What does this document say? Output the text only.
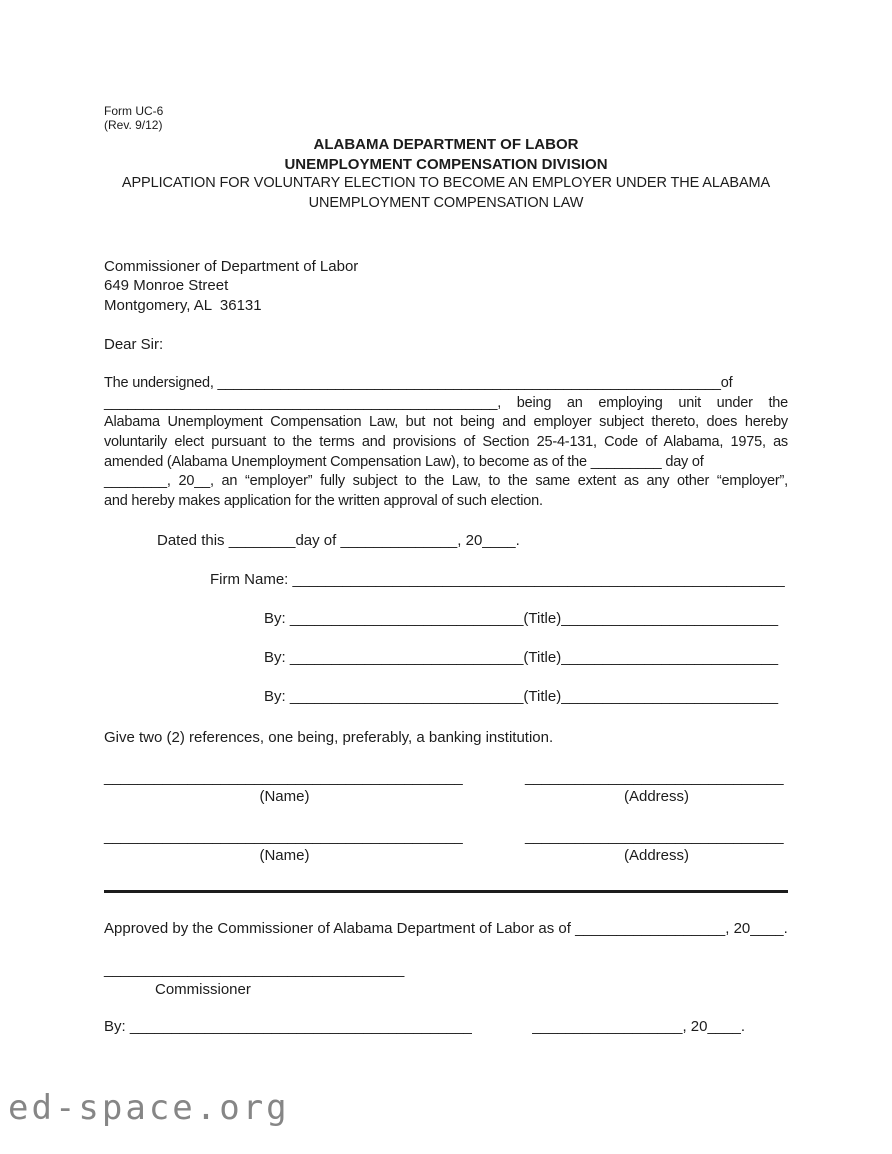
Form UC-6
(Rev. 9/12)
ALABAMA DEPARTMENT OF LABOR
UNEMPLOYMENT COMPENSATION DIVISION
APPLICATION FOR VOLUNTARY ELECTION TO BECOME AN EMPLOYER UNDER THE ALABAMA
UNEMPLOYMENT COMPENSATION LAW
Commissioner of Department of Labor
649 Monroe Street
Montgomery, AL  36131
Dear Sir:
The undersigned, ________________________________________________________________of
__________________________________________________, being an employing unit under the
Alabama Unemployment Compensation Law, but not being and employer subject thereto, does hereby
voluntarily elect pursuant to the terms and provisions of Section 25-4-131, Code of Alabama, 1975, as
amended (Alabama Unemployment Compensation Law), to become as of the _________ day of
________, 20__, an “employer” fully subject to the Law, to the same extent as any other “employer”,
and hereby makes application for the written approval of such election.
Dated this ________day of ______________, 20____.
Firm Name: ___________________________________________________________
By: ____________________________(Title)__________________________
By: ____________________________(Title)__________________________
By: ____________________________(Title)__________________________
Give two (2) references, one being, preferably, a banking institution.
___________________________________________	_______________________________
(Name)	(Address)
___________________________________________	_______________________________
(Name)	(Address)
Approved by the Commissioner of Alabama Department of Labor as of __________________, 20____.
____________________________________
Commissioner
By: _________________________________________	__________________, 20____.
ed-space.org
